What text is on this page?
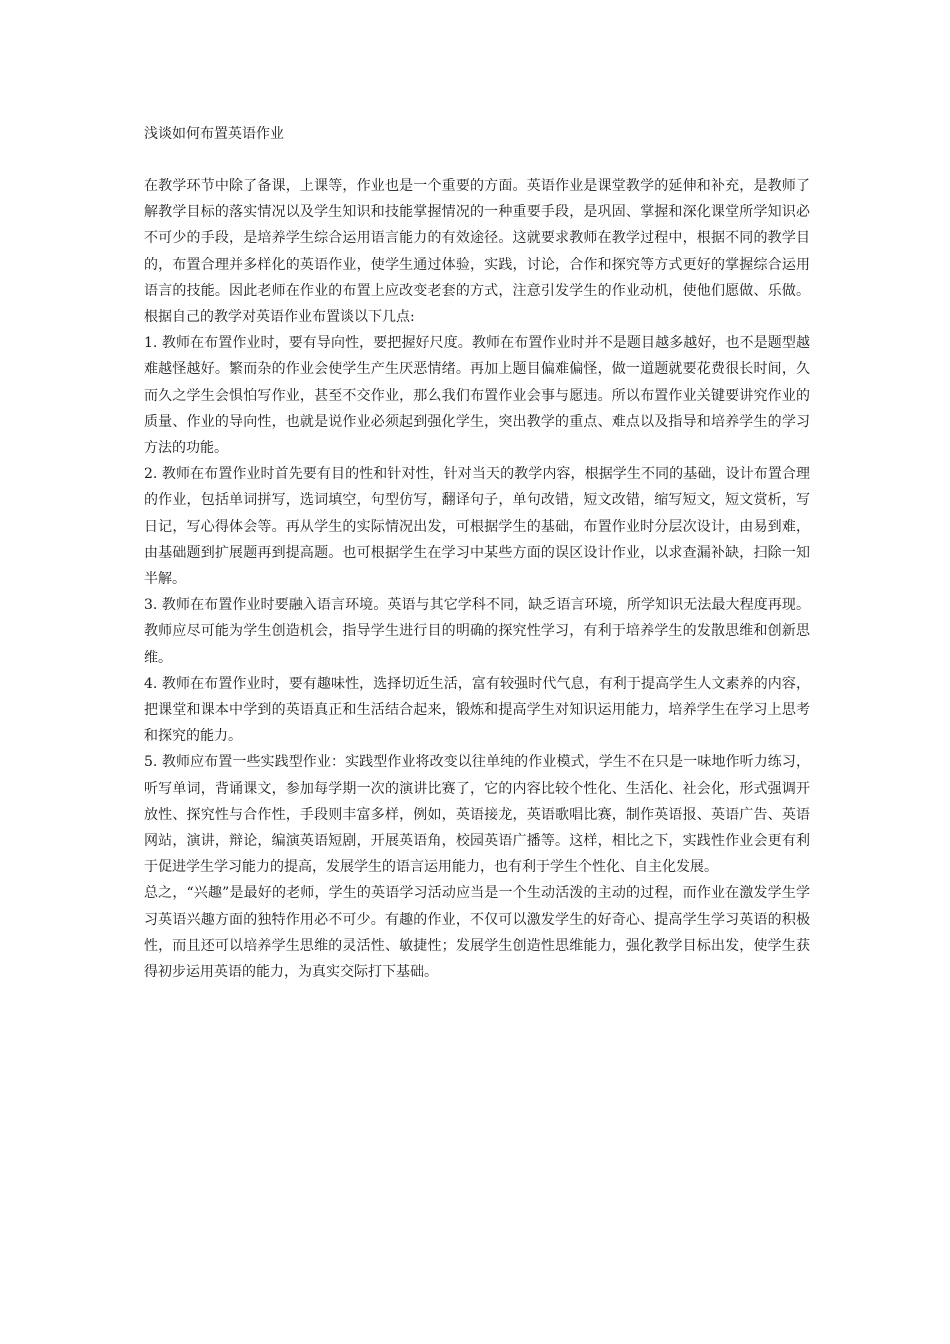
浅谈如何布置英语作业

在教学环节中除了备课，上课等，作业也是一个重要的方面。英语作业是课堂教学的延伸和补充，是教师了解教学目标的落实情况以及学生知识和技能掌握情况的一种重要手段，是巩固、掌握和深化课堂所学知识必不可少的手段，是培养学生综合运用语言能力的有效途径。这就要求教师在教学过程中，根据不同的教学目的，布置合理并多样化的英语作业，使学生通过体验，实践，讨论，合作和探究等方式更好的掌握综合运用语言的技能。因此老师在作业的布置上应改变老套的方式，注意引发学生的作业动机，使他们愿做、乐做。根据自己的教学对英语作业布置谈以下几点:

1. 教师在布置作业时，要有导向性，要把握好尺度。教师在布置作业时并不是题目越多越好，也不是题型越难越怪越好。繁而杂的作业会使学生产生厌恶情绪。再加上题目偏难偏怪，做一道题就要花费很长时间，久而久之学生会惧怕写作业，甚至不交作业，那么我们布置作业会事与愿违。所以布置作业关键要讲究作业的质量、作业的导向性，也就是说作业必须起到强化学生，突出教学的重点、难点以及指导和培养学生的学习方法的功能。

2. 教师在布置作业时首先要有目的性和针对性，针对当天的教学内容，根据学生不同的基础，设计布置合理的作业，包括单词拼写，选词填空，句型仿写，翻译句子，单句改错，短文改错，缩写短文，短文赏析，写日记，写心得体会等。再从学生的实际情况出发，可根据学生的基础，布置作业时分层次设计，由易到难，由基础题到扩展题再到提高题。也可根据学生在学习中某些方面的误区设计作业，以求查漏补缺，扫除一知半解。

3. 教师在布置作业时要融入语言环境。英语与其它学科不同，缺乏语言环境，所学知识无法最大程度再现。教师应尽可能为学生创造机会，指导学生进行目的明确的探究性学习，有利于培养学生的发散思维和创新思维。

4. 教师在布置作业时，要有趣味性，选择切近生活，富有较强时代气息，有利于提高学生人文素养的内容，把课堂和课本中学到的英语真正和生活结合起来，锻炼和提高学生对知识运用能力，培养学生在学习上思考和探究的能力。

5. 教师应布置一些实践型作业：实践型作业将改变以往单纯的作业模式，学生不在只是一味地作听力练习，听写单词，背诵课文，参加每学期一次的演讲比赛了，它的内容比较个性化、生活化、社会化，形式强调开放性、探究性与合作性，手段则丰富多样，例如，英语接龙，英语歌唱比赛，制作英语报、英语广告、英语网站，演讲，辩论，编演英语短剧，开展英语角，校园英语广播等。这样，相比之下，实践性作业会更有利于促进学生学习能力的提高，发展学生的语言运用能力，也有利于学生个性化、自主化发展。

总之，“兴趣”是最好的老师，学生的英语学习活动应当是一个生动活泼的主动的过程，而作业在激发学生学习英语兴趣方面的独特作用必不可少。有趣的作业，不仅可以激发学生的好奇心、提高学生学习英语的积极性，而且还可以培养学生思维的灵活性、敏捷性；发展学生创造性思维能力，强化教学目标出发，使学生获得初步运用英语的能力，为真实交际打下基础。
